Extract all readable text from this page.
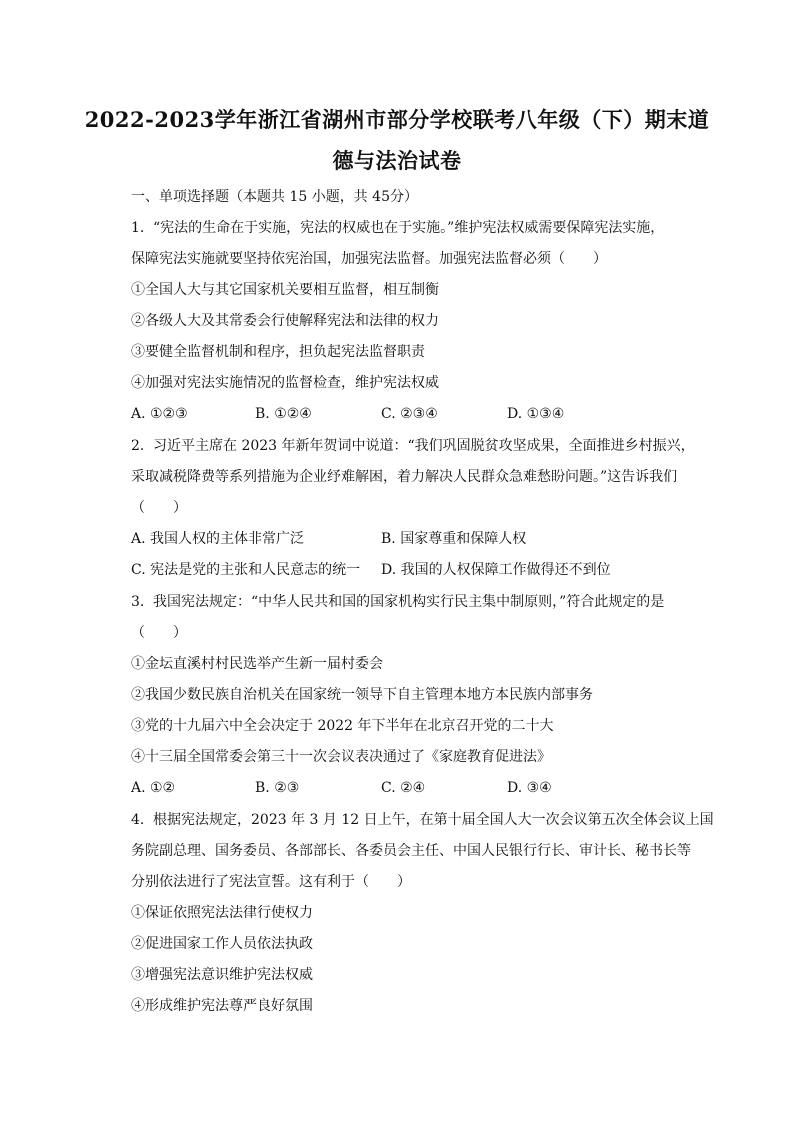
2022-2023学年浙江省湖州市部分学校联考八年级（下）期末道
德与法治试卷
一、单项选择题（本题共 15 小题，共 45分）
1. “宪法的生命在于实施，宪法的权威也在于实施。”维护宪法权威需要保障宪法实施，
保障宪法实施就要坚持依宪治国，加强宪法监督。加强宪法监督必须（　　）
①全国人大与其它国家机关要相互监督，相互制衡
②各级人大及其常委会行使解释宪法和法律的权力
③要健全监督机制和程序，担负起宪法监督职责
④加强对宪法实施情况的监督检查，维护宪法权威
A. ①②③	B. ①②④	C. ②③④	D. ①③④
2. 习近平主席在 2023 年新年贺词中说道：“我们巩固脱贫攻坚成果，全面推进乡村振兴，
采取减税降费等系列措施为企业纾难解困，着力解决人民群众急难愁盼问题。”这告诉我们
（　　）
A. 我国人权的主体非常广泛	B. 国家尊重和保障人权
C. 宪法是党的主张和人民意志的统一 D. 我国的人权保障工作做得还不到位
3. 我国宪法规定：“中华人民共和国的国家机构实行民主集中制原则，”符合此规定的是
（　　）
①金坛直溪村村民选举产生新一届村委会
②我国少数民族自治机关在国家统一领导下自主管理本地方本民族内部事务
③党的十九届六中全会决定于 2022 年下半年在北京召开党的二十大
④十三届全国常委会第三十一次会议表决通过了《家庭教育促进法》
A. ①②	B. ②③	C. ②④	D. ③④
4. 根据宪法规定，2023 年 3 月 12 日上午，在第十届全国人大一次会议第五次全体会议上国
务院副总理、国务委员、各部部长、各委员会主任、中国人民银行行长、审计长、秘书长等
分别依法进行了宪法宣誓。这有利于（　　）
①保证依照宪法法律行使权力
②促进国家工作人员依法执政
③增强宪法意识维护宪法权威
④形成维护宪法尊严良好氛围
